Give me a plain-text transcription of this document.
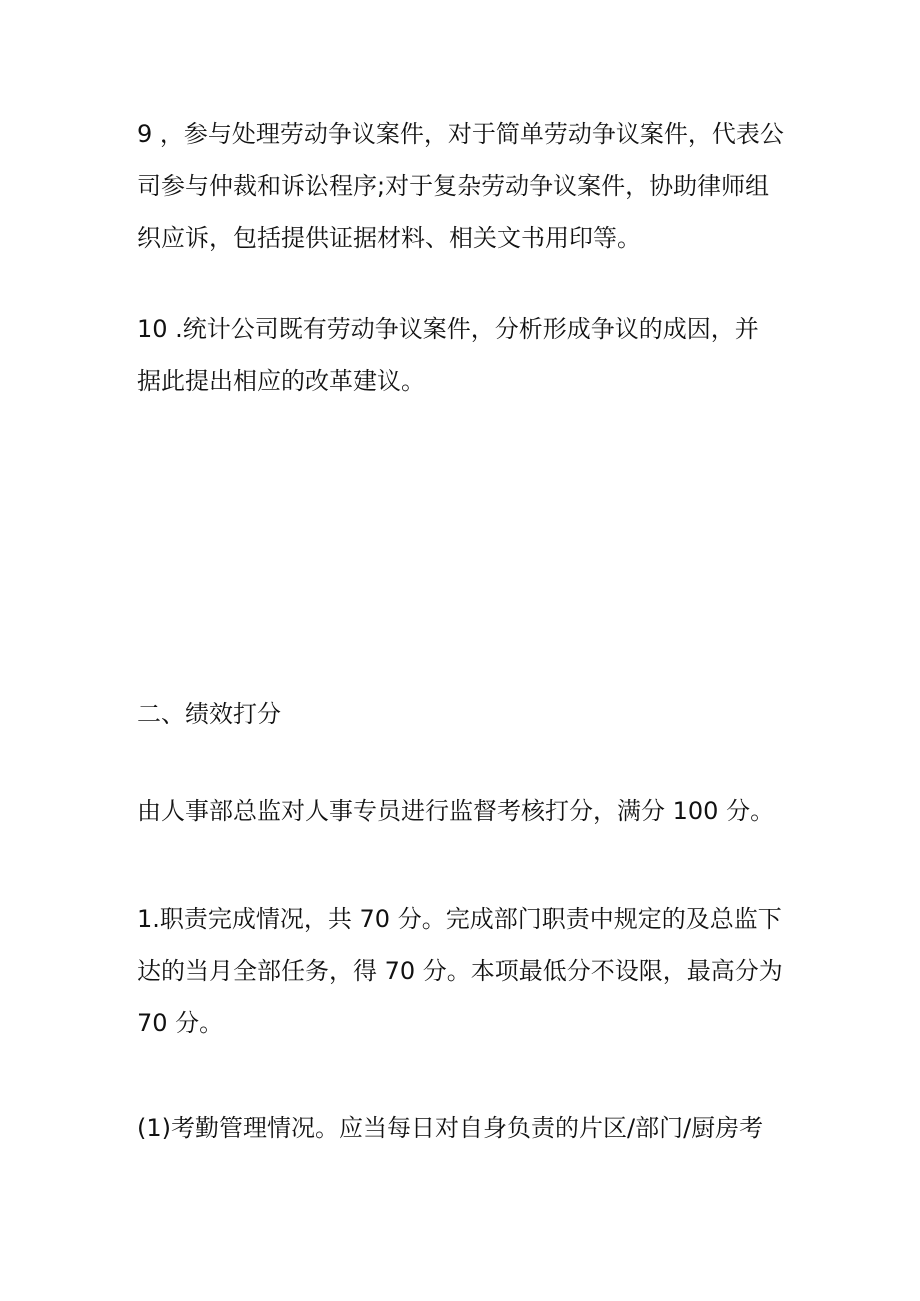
9 ，参与处理劳动争议案件，对于简单劳动争议案件，代表公
司参与仲裁和诉讼程序;对于复杂劳动争议案件，协助律师组
织应诉，包括提供证据材料、相关文书用印等。

10 .统计公司既有劳动争议案件，分析形成争议的成因，并
据此提出相应的改革建议。

二、绩效打分

由人事部总监对人事专员进行监督考核打分，满分 100 分。

1.职责完成情况，共 70 分。完成部门职责中规定的及总监下
达的当月全部任务，得 70 分。本项最低分不设限，最高分为
70 分。

(1)考勤管理情况。应当每日对自身负责的片区/部门/厨房考
